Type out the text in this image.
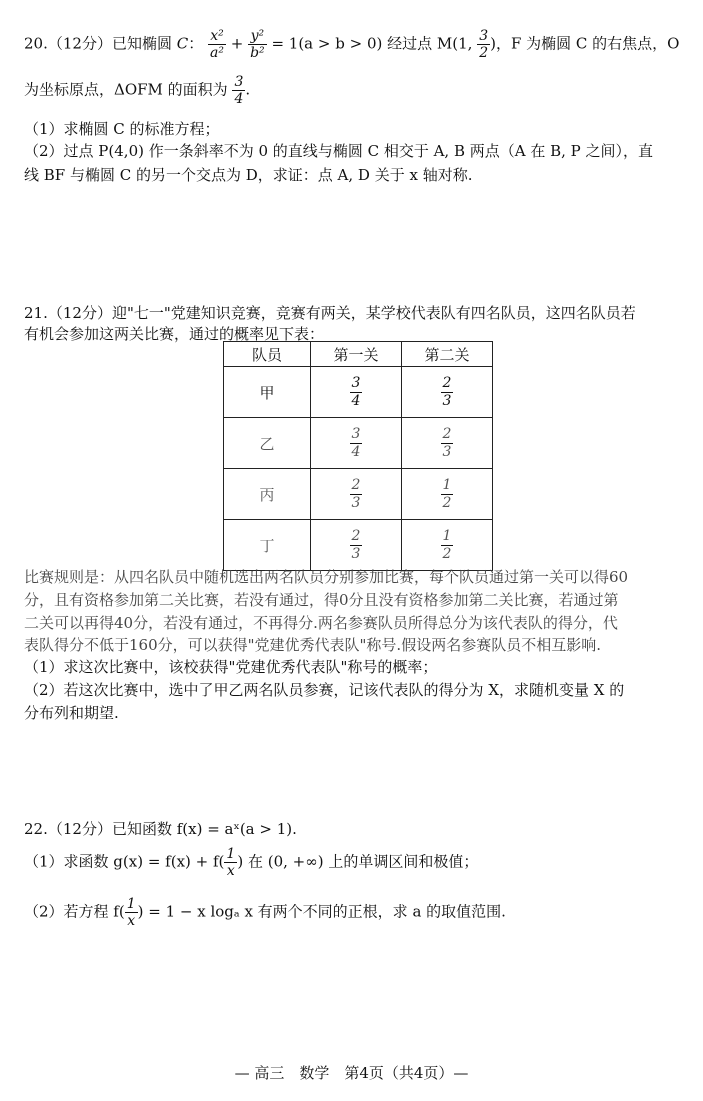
20.（12分）已知椭圆 C： $\frac{\text{x²}}{\text{a²}} + \frac{\text{y²}}{\text{b²}} = 1(a > b > 0)$ 经过点 M(1, $\frac{3}{2}$ )，F 为椭圆 C 的右焦点，O
为坐标原点，ΔOFM 的面积为 $\frac{3}{4}$ .
（1）求椭圆 C 的标准方程；
（2）过点 P(4,0) 作一条斜率不为 0 的直线与椭圆 C 相交于 A, B 两点（A 在 B, P 之间），直
线 BF 与椭圆 C 的另一个交点为 D，求证：点 A, D 关于 x 轴对称.
21.（12分）迎"七一"党建知识竞赛，竞赛有两关，某学校代表队有四名队员，这四名队员若
有机会参加这两关比赛，通过的概率见下表：
队员	第一关	第二关
甲	$\frac{3}{4}$	$\frac{2}{3}$

乙	$\frac{3}{4}$	$\frac{2}{3}$

丙	$\frac{2}{3}$	$\frac{1}{2}$

丁	$\frac{2}{3}$	$\frac{1}{2}$
比赛规则是：从四名队员中随机选出两名队员分别参加比赛，每个队员通过第一关可以得60
分，且有资格参加第二关比赛，若没有通过，得0分且没有资格参加第二关比赛，若通过第
二关可以再得40分，若没有通过，不再得分.两名参赛队员所得总分为该代表队的得分，代
表队得分不低于160分，可以获得"党建优秀代表队"称号.假设两名参赛队员不相互影响.
（1）求这次比赛中，该校获得"党建优秀代表队"称号的概率；
（2）若这次比赛中，选中了甲乙两名队员参赛，记该代表队的得分为 X，求随机变量 X 的
分布列和期望.
22.（12分）已知函数 f(x) = aˣ(a > 1).
（1）求函数 $g(x) = f(x) + f( \frac{1}{x}$ ) 在 (0, +∞) 上的单调区间和极值；
（2）若方程 $f( \frac{1}{x}$ ) = 1 − x logₐ x 有两个不同的正根，求 a 的取值范围.
— 高三　数学　第4页（共4页）—
